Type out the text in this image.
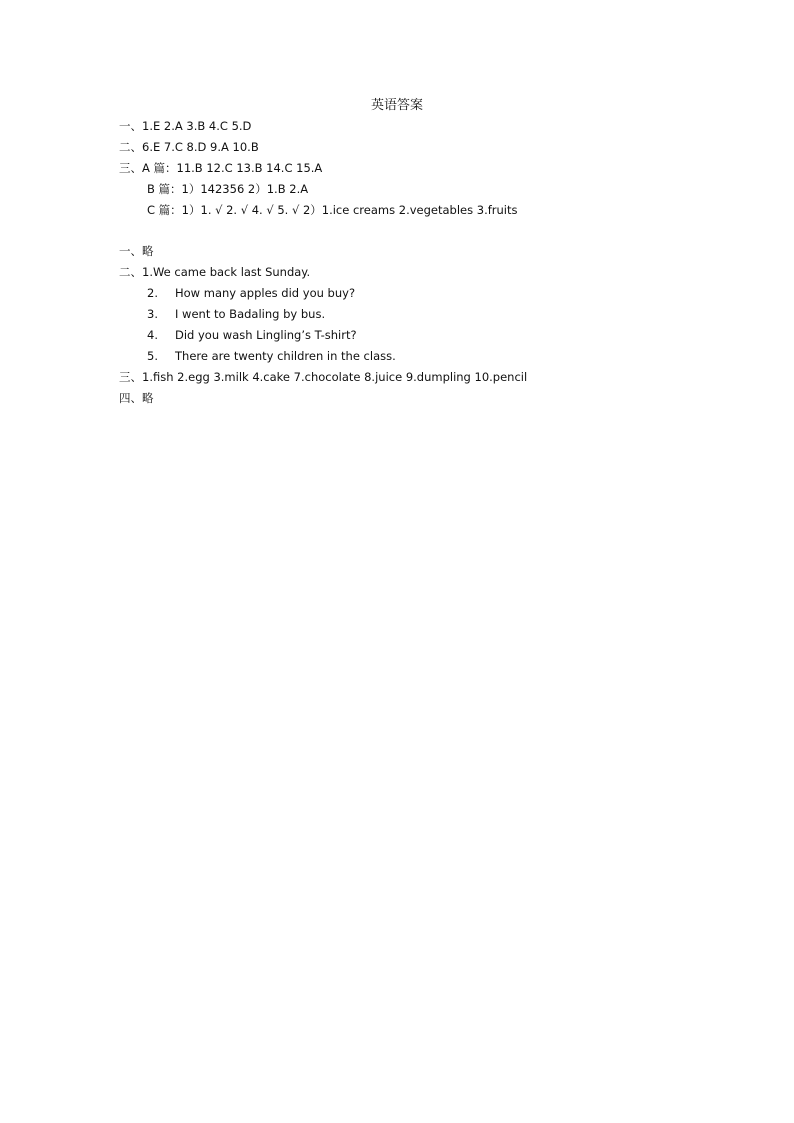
英语答案
一、1.E 2.A 3.B 4.C 5.D
二、6.E 7.C 8.D 9.A 10.B
三、A 篇：11.B 12.C 13.B 14.C 15.A
B 篇：1）142356 2）1.B 2.A
C 篇：1）1. √ 2. √ 4. √ 5. √ 2）1.ice creams 2.vegetables 3.fruits
一、略
二、1.We came back last Sunday.
2. How many apples did you buy?
3. I went to Badaling by bus.
4. Did you wash Lingling’s T-shirt?
5. There are twenty children in the class.
三、1.fish 2.egg 3.milk 4.cake 7.chocolate 8.juice 9.dumpling 10.pencil
四、略
